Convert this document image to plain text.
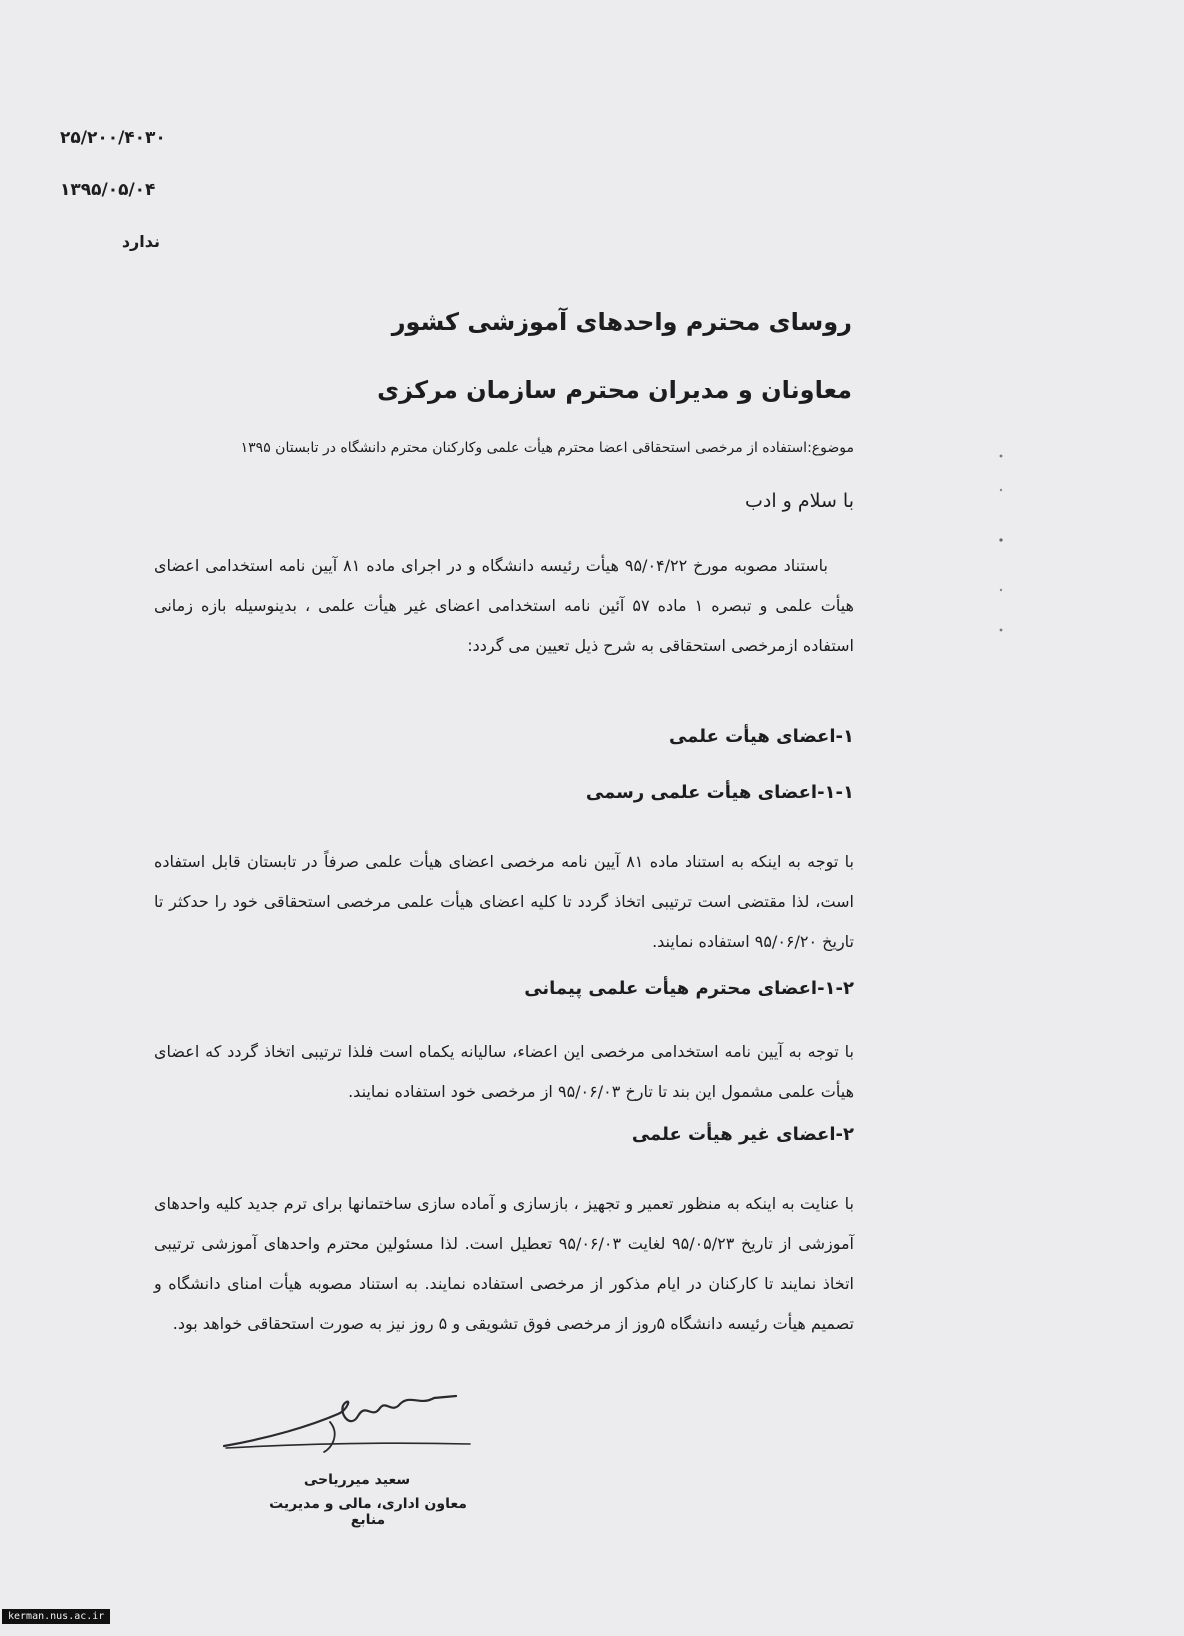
۲۵/۲۰۰/۴۰۳۰
۱۳۹۵/۰۵/۰۴
ندارد
روسای محترم واحدهای آموزشی کشور
معاونان و مدیران محترم سازمان مرکزی
موضوع:استفاده از مرخصی استحقاقی اعضا محترم هیأت علمی وکارکنان محترم دانشگاه در تابستان ۱۳۹۵
با سلام و ادب
باستناد مصوبه مورخ ۹۵/۰۴/۲۲ هیأت رئیسه دانشگاه و در اجرای ماده ۸۱ آیین نامه استخدامی اعضای هیأت علمی و تبصره ۱ ماده ۵۷ آئین نامه استخدامی اعضای غیر هیأت علمی ، بدینوسیله بازه زمانی استفاده ازمرخصی استحقاقی به شرح ذیل تعیین می گردد:
۱-اعضای هیأت علمی
۱-۱-اعضای هیأت علمی رسمی
با توجه به اینکه به استناد ماده ۸۱ آیین نامه مرخصی اعضای هیأت علمی صرفاً در تابستان قابل استفاده است، لذا مقتضی است ترتیبی اتخاذ گردد تا کلیه اعضای هیأت علمی مرخصی استحقاقی خود را حدکثر تا تاریخ ۹۵/۰۶/۲۰ استفاده نمایند.
۱-۲-اعضای محترم هیأت علمی پیمانی
با توجه به آیین نامه استخدامی مرخصی این اعضاء، سالیانه یکماه است فلذا ترتیبی اتخاذ گردد که اعضای هیأت علمی مشمول این بند تا تارخ ۹۵/۰۶/۰۳ از مرخصی خود استفاده نمایند.
۲-اعضای غیر هیأت علمی
با عنایت به اینکه به منظور تعمیر و تجهیز ، بازسازی و آماده سازی ساختمانها برای ترم جدید کلیه واحدهای آموزشی از تاریخ ۹۵/۰۵/۲۳ لغایت ۹۵/۰۶/۰۳ تعطیل است. لذا مسئولین محترم واحدهای آموزشی ترتیبی اتخاذ نمایند تا کارکنان در ایام مذکور از مرخصی استفاده نمایند. به استناد مصوبه هیأت امنای دانشگاه و تصمیم هیأت رئیسه دانشگاه ۵روز از مرخصی فوق تشویقی و ۵ روز نیز به صورت استحقاقی خواهد بود.
سعید میرریاحی
معاون اداری، مالی و مدیریت منابع
kerman.nus.ac.ir
